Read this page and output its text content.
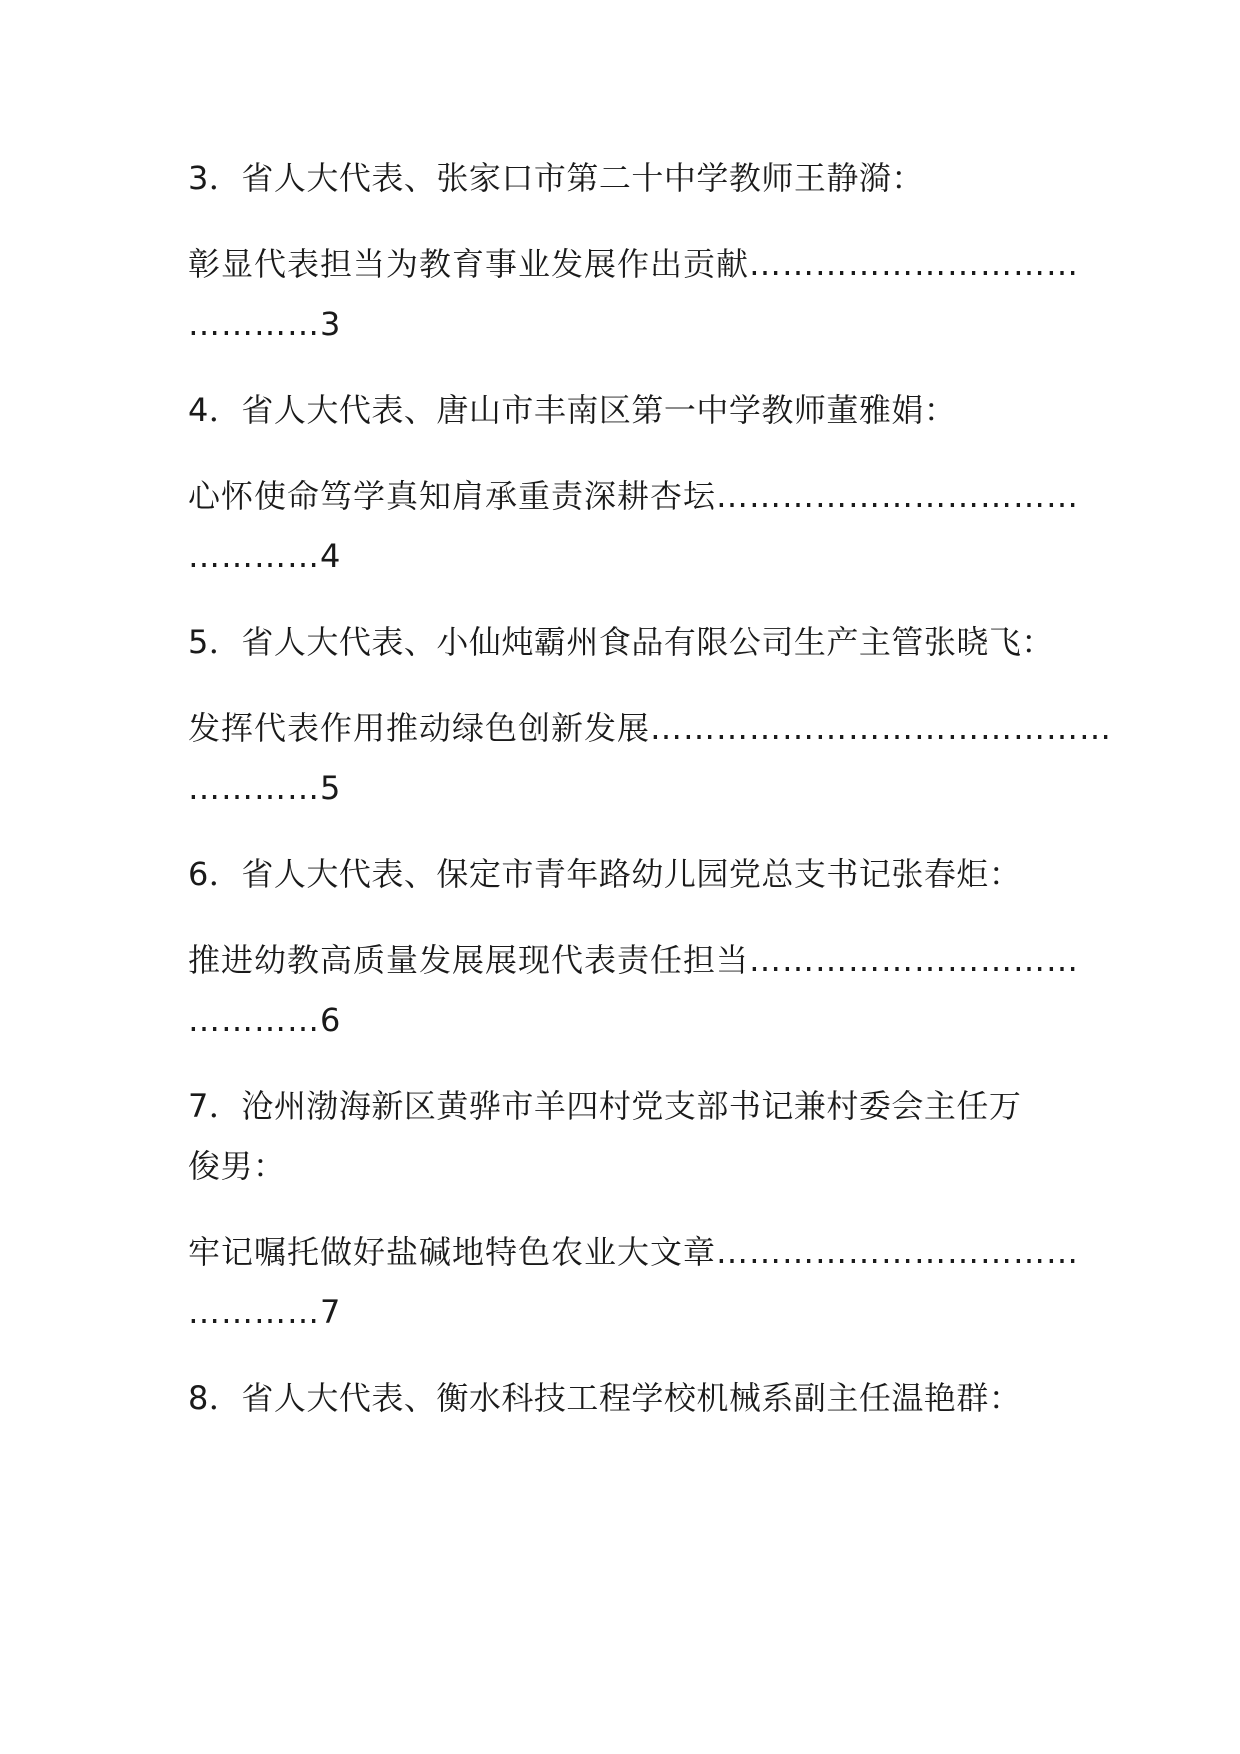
3．省人大代表、张家口市第二十中学教师王静漪：
彰显代表担当为教育事业发展作出贡献…………………………
…………3
4．省人大代表、唐山市丰南区第一中学教师董雅娟：
心怀使命笃学真知肩承重责深耕杏坛……………………………
…………4
5．省人大代表、小仙炖霸州食品有限公司生产主管张晓飞：
发挥代表作用推动绿色创新发展……………………………………
…………5
6．省人大代表、保定市青年路幼儿园党总支书记张春炬：
推进幼教高质量发展展现代表责任担当…………………………
…………6
7．沧州渤海新区黄骅市羊四村党支部书记兼村委会主任万
俊男：
牢记嘱托做好盐碱地特色农业大文章……………………………
…………7
8．省人大代表、衡水科技工程学校机械系副主任温艳群：
